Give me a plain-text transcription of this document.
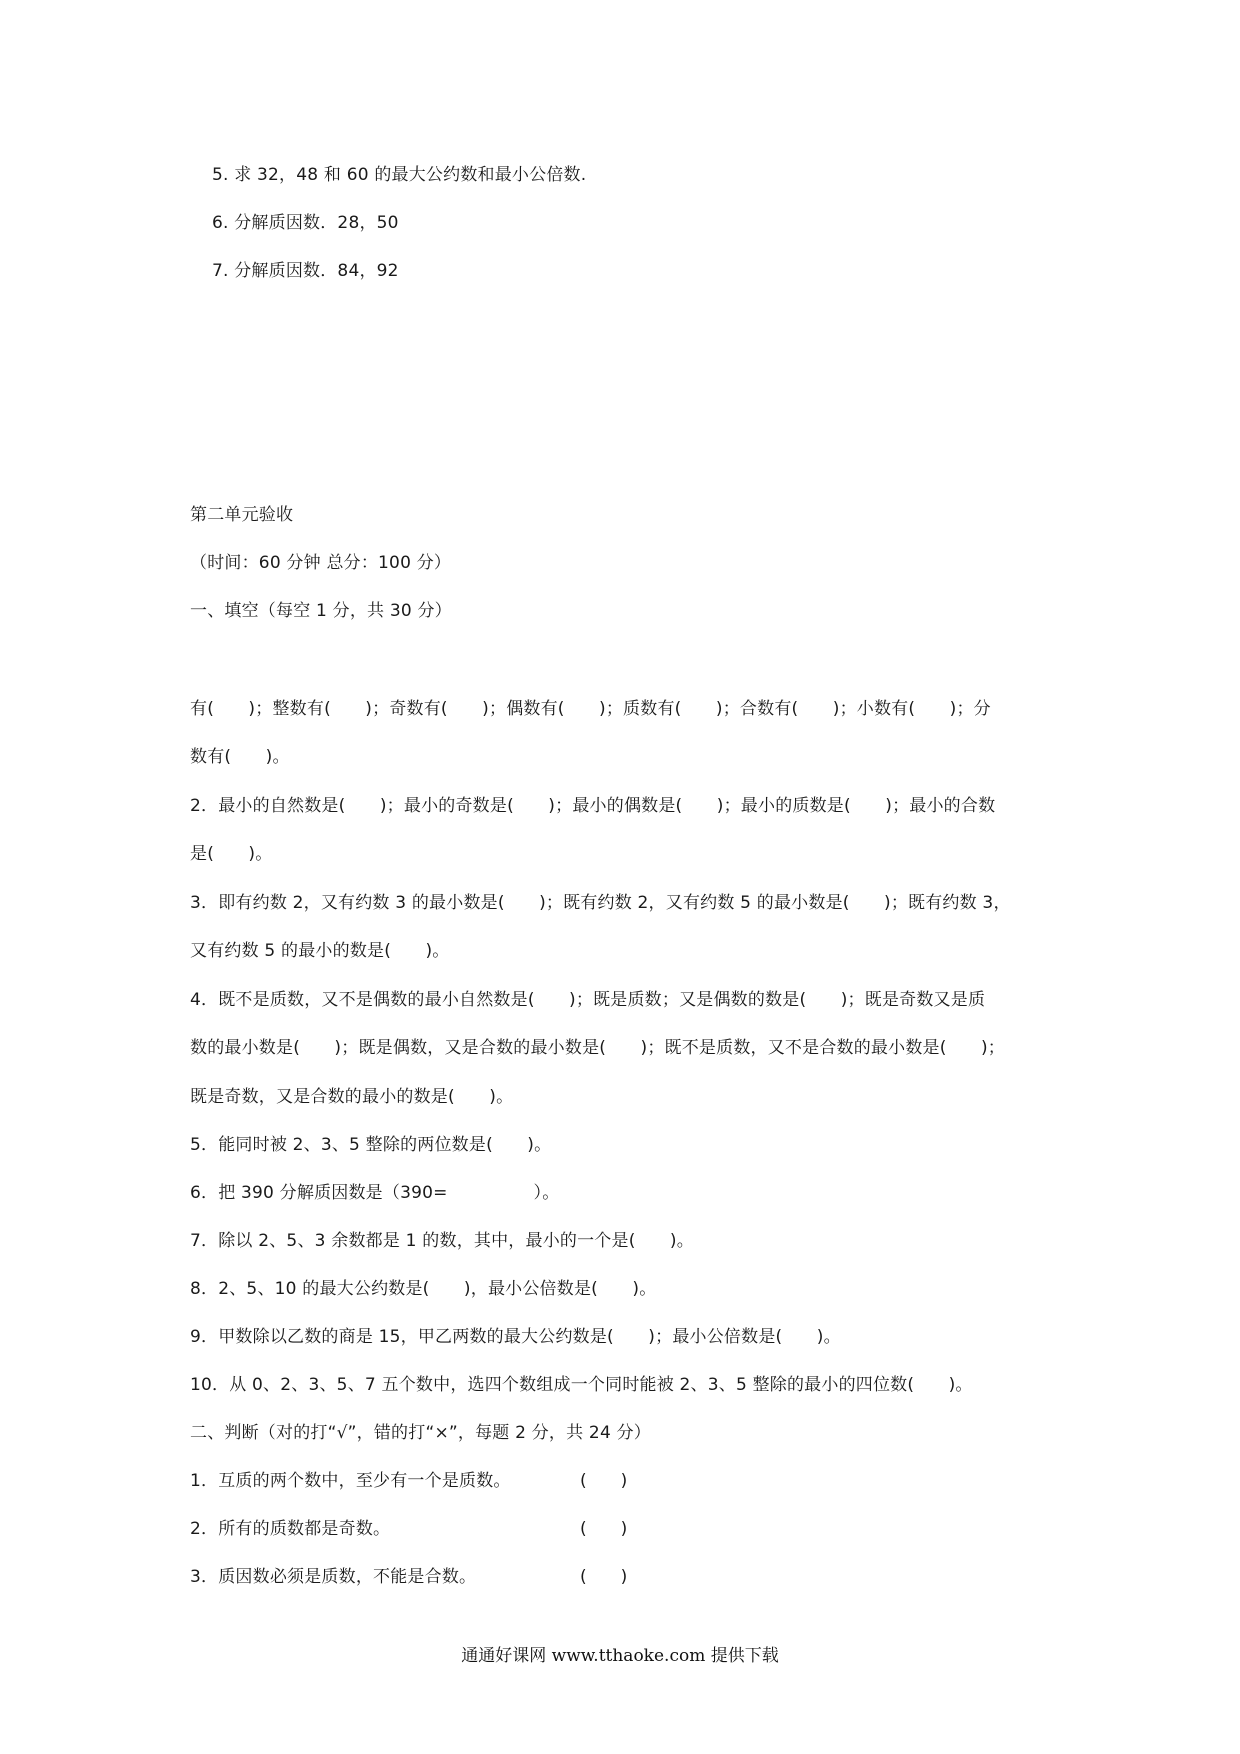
5. 求 32，48 和 60 的最大公约数和最小公倍数.
6. 分解质因数．28，50
7. 分解质因数．84，92
第二单元验收
（时间：60 分钟 总分：100 分）
一、填空（每空 1 分，共 30 分）
有(　　)；整数有(　　)；奇数有(　　)；偶数有(　　)；质数有(　　)；合数有(　　)；小数有(　　)；分
数有(　　)。
2．最小的自然数是(　　)；最小的奇数是(　　)；最小的偶数是(　　)；最小的质数是(　　)；最小的合数
是(　　)。
3．即有约数 2，又有约数 3 的最小数是(　　)；既有约数 2，又有约数 5 的最小数是(　　)；既有约数 3，
又有约数 5 的最小的数是(　　)。
4．既不是质数，又不是偶数的最小自然数是(　　)；既是质数；又是偶数的数是(　　)；既是奇数又是质
数的最小数是(　　)；既是偶数，又是合数的最小数是(　　)；既不是质数，又不是合数的最小数是(　　)；
既是奇数，又是合数的最小的数是(　　)。
5．能同时被 2、3、5 整除的两位数是(　　)。
6．把 390 分解质因数是（390=　　　　　）。
7．除以 2、5、3 余数都是 1 的数，其中，最小的一个是(　　)。
8．2、5、10 的最大公约数是(　　)，最小公倍数是(　　)。
9．甲数除以乙数的商是 15，甲乙两数的最大公约数是(　　)；最小公倍数是(　　)。
10．从 0、2、3、5、7 五个数中，选四个数组成一个同时能被 2、3、5 整除的最小的四位数(　　)。
二、判断（对的打“√”，错的打“×”，每题 2 分，共 24 分）
1．互质的两个数中，至少有一个是质数。	(　　)
2．所有的质数都是奇数。	(　　)
3．质因数必须是质数，不能是合数。	(　　)
通通好课网 www.tthaoke.com 提供下载
